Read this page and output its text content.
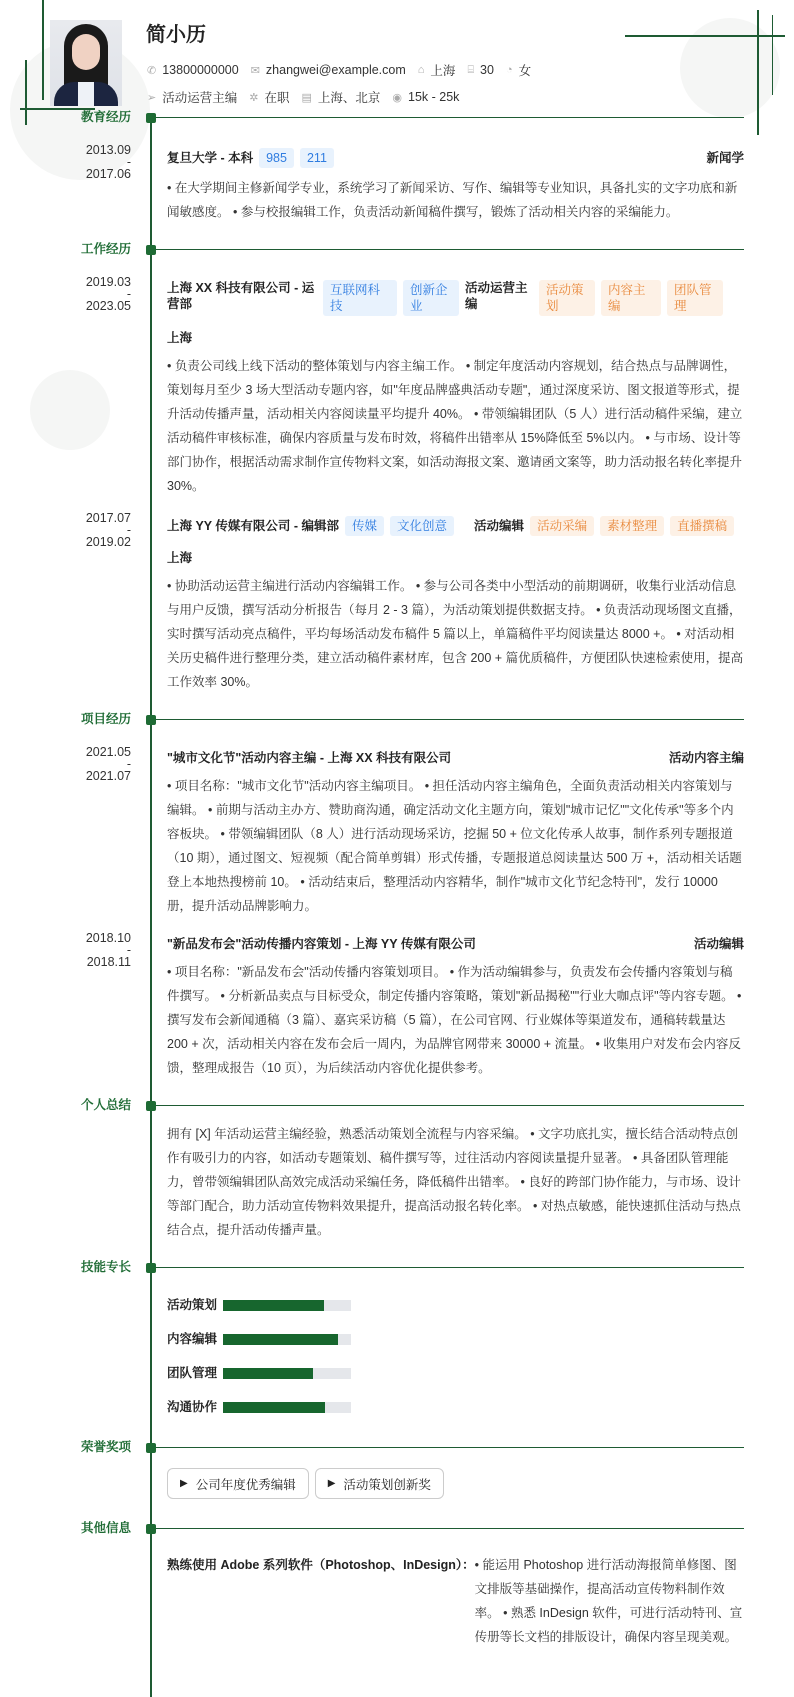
简小历
✆ 13800000000 ✉ zhangwei@example.com ⌂ 上海 ⌸ 30 ◔ 女
➢ 活动运营主编 ✲ 在职 ▤ 上海、北京 ◉ 15k - 25k
教育经历
2013.09
-
2017.06
复旦大学 - 本科	985	211	新闻学
• 在大学期间主修新闻学专业，系统学习了新闻采访、写作、编辑等专业知识，具备扎实的文字功底和新闻敏感度。 • 参与校报编辑工作，负责活动新闻稿件撰写，锻炼了活动相关内容的采编能力。
工作经历
2019.03
-
2023.05
上海 XX 科技有限公司 - 运营部
互联网科技
创新企业
活动运营主编
活动策划
内容主编
团队管理
上海
• 负责公司线上线下活动的整体策划与内容主编工作。 • 制定年度活动内容规划，结合热点与品牌调性，策划每月至少 3 场大型活动专题内容，如"年度品牌盛典活动专题"，通过深度采访、图文报道等形式，提升活动传播声量，活动相关内容阅读量平均提升 40%。 • 带领编辑团队（5 人）进行活动稿件采编，建立活动稿件审核标准，确保内容质量与发布时效，将稿件出错率从 15%降低至 5%以内。 • 与市场、设计等部门协作，根据活动需求制作宣传物料文案，如活动海报文案、邀请函文案等，助力活动报名转化率提升 30%。
2017.07
-
2019.02
上海 YY 传媒有限公司 - 编辑部	传媒	文化创意	活动编辑	活动采编	素材整理	直播撰稿
上海
• 协助活动运营主编进行活动内容编辑工作。 • 参与公司各类中小型活动的前期调研，收集行业活动信息与用户反馈，撰写活动分析报告（每月 2 - 3 篇），为活动策划提供数据支持。 • 负责活动现场图文直播，实时撰写活动亮点稿件，平均每场活动发布稿件 5 篇以上，单篇稿件平均阅读量达 8000 +。 • 对活动相关历史稿件进行整理分类，建立活动稿件素材库，包含 200 + 篇优质稿件，方便团队快速检索使用，提高工作效率 30%。
项目经历
2021.05
-
2021.07
"城市文化节"活动内容主编 - 上海 XX 科技有限公司	活动内容主编
• 项目名称："城市文化节"活动内容主编项目。 • 担任活动内容主编角色，全面负责活动相关内容策划与编辑。 • 前期与活动主办方、赞助商沟通，确定活动文化主题方向，策划"城市记忆""文化传承"等多个内容板块。 • 带领编辑团队（8 人）进行活动现场采访，挖掘 50 + 位文化传承人故事，制作系列专题报道（10 期），通过图文、短视频（配合简单剪辑）形式传播，专题报道总阅读量达 500 万 +，活动相关话题登上本地热搜榜前 10。 • 活动结束后，整理活动内容精华，制作"城市文化节纪念特刊"，发行 10000 册，提升活动品牌影响力。
2018.10
-
2018.11
"新品发布会"活动传播内容策划 - 上海 YY 传媒有限公司	活动编辑
• 项目名称："新品发布会"活动传播内容策划项目。 • 作为活动编辑参与，负责发布会传播内容策划与稿件撰写。 • 分析新品卖点与目标受众，制定传播内容策略，策划"新品揭秘""行业大咖点评"等内容专题。 • 撰写发布会新闻通稿（3 篇）、嘉宾采访稿（5 篇），在公司官网、行业媒体等渠道发布，通稿转载量达 200 + 次，活动相关内容在发布会后一周内，为品牌官网带来 30000 + 流量。 • 收集用户对发布会内容反馈，整理成报告（10 页），为后续活动内容优化提供参考。
个人总结
拥有 [X] 年活动运营主编经验，熟悉活动策划全流程与内容采编。 • 文字功底扎实，擅长结合活动特点创作有吸引力的内容，如活动专题策划、稿件撰写等，过往活动内容阅读量提升显著。 • 具备团队管理能力，曾带领编辑团队高效完成活动采编任务，降低稿件出错率。 • 良好的跨部门协作能力，与市场、设计等部门配合，助力活动宣传物料效果提升，提高活动报名转化率。 • 对热点敏感，能快速抓住活动与热点结合点，提升活动传播声量。
技能专长
活动策划
内容编辑
团队管理
沟通协作
荣誉奖项
▶ 公司年度优秀编辑	▶ 活动策划创新奖
其他信息
熟练使用 Adobe 系列软件（Photoshop、InDesign）： • 能运用 Photoshop 进行活动海报简单修图、图文排版等基础操作，提高活动宣传物料制作效率。 • 熟悉 InDesign 软件，可进行活动特刊、宣传册等长文档的排版设计，确保内容呈现美观。
